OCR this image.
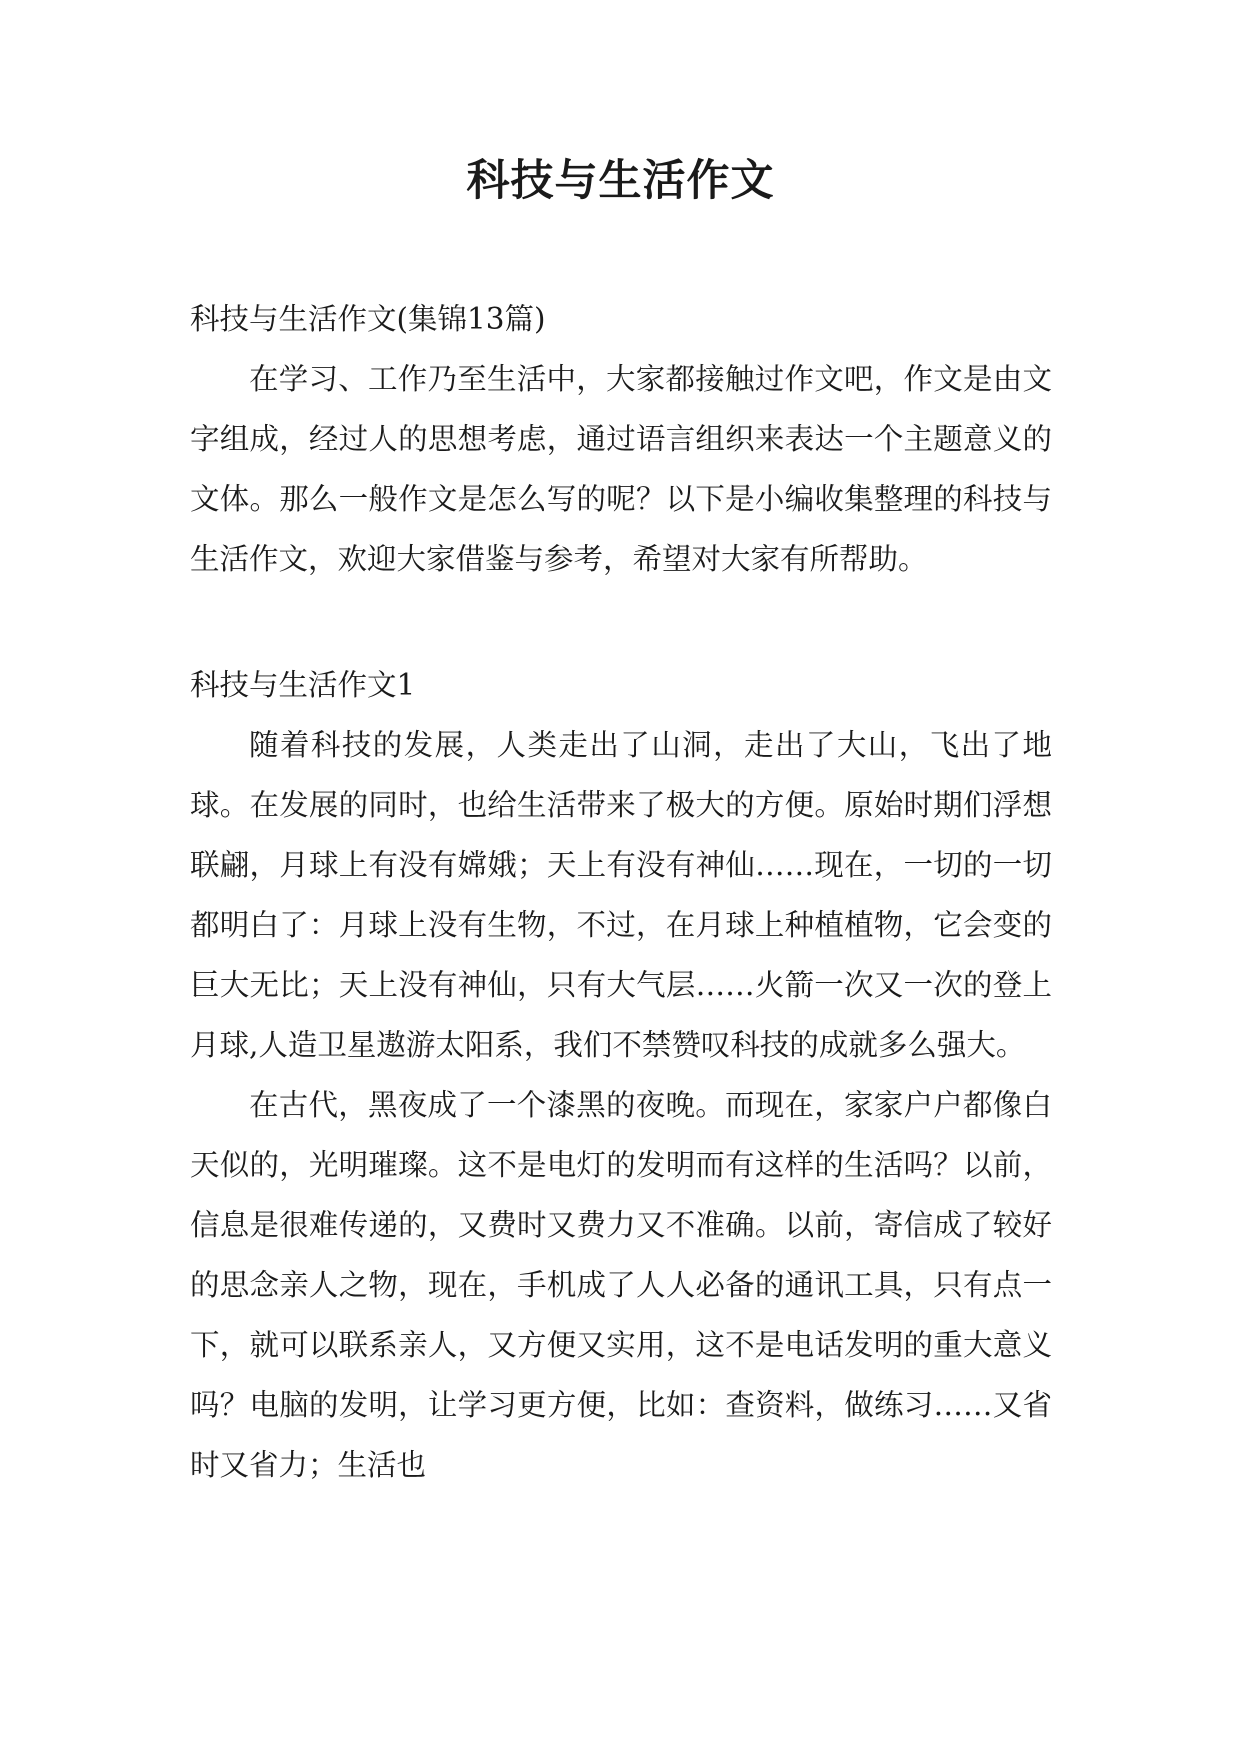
科技与生活作文

科技与生活作文(集锦13篇)

在学习、工作乃至生活中，大家都接触过作文吧，作文是由文字组成，经过人的思想考虑，通过语言组织来表达一个主题意义的文体。那么一般作文是怎么写的呢？以下是小编收集整理的科技与生活作文，欢迎大家借鉴与参考，希望对大家有所帮助。

科技与生活作文1

随着科技的发展，人类走出了山洞，走出了大山，飞出了地球。在发展的同时，也给生活带来了极大的方便。原始时期们浮想联翩，月球上有没有嫦娥；天上有没有神仙……现在，一切的一切都明白了：月球上没有生物，不过，在月球上种植植物，它会变的巨大无比；天上没有神仙，只有大气层……火箭一次又一次的登上月球,人造卫星遨游太阳系，我们不禁赞叹科技的成就多么强大。

在古代，黑夜成了一个漆黑的夜晚。而现在，家家户户都像白天似的，光明璀璨。这不是电灯的发明而有这样的生活吗？以前，信息是很难传递的，又费时又费力又不准确。以前，寄信成了较好的思念亲人之物，现在，手机成了人人必备的通讯工具，只有点一下，就可以联系亲人，又方便又实用，这不是电话发明的重大意义吗？电脑的发明，让学习更方便，比如：查资料，做练习……又省时又省力；生活也
